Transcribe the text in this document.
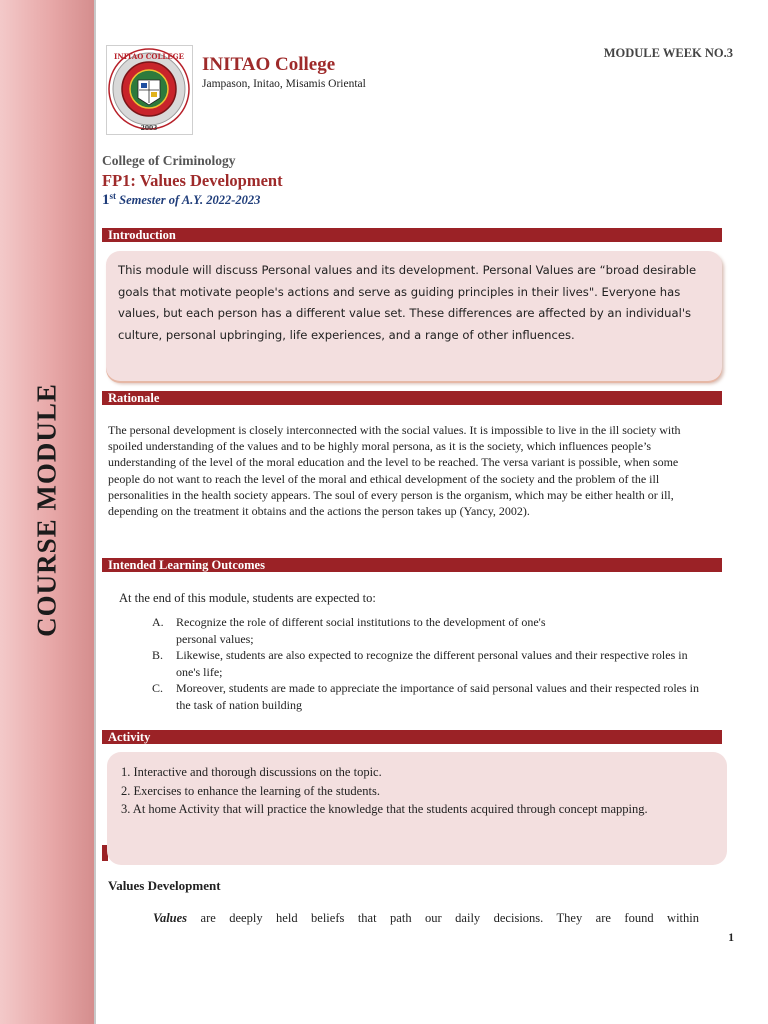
COURSE MODULE
INITAO COLLEGE
2003
INITAO College
Jampason, Initao, Misamis Oriental
MODULE WEEK NO.3
College of Criminology
FP1: Values Development
1st Semester of A.Y. 2022-2023
Introduction
This module will discuss Personal values and its development. Personal Values are “broad desirable goals that motivate people's actions and serve as guiding principles in their lives". Everyone has values, but each person has a different value set. These differences are affected by an individual's culture, personal upbringing, life experiences, and a range of other influences.
Rationale
The personal development is closely interconnected with the social values. It is impossible to live in the ill society with spoiled understanding of the values and to be highly moral persona, as it is the society, which influences people’s understanding of the level of the moral education and the level to be reached. The versa variant is possible, when some people do not want to reach the level of the moral and ethical development of the society and the problem of the ill personalities in the health society appears. The soul of every person is the organism, which may be either health or ill, depending on the treatment it obtains and the actions the person takes up (Yancy, 2002).
Intended Learning Outcomes
At the end of this module, students are expected to:
A. Recognize the role of different social institutions to the development of one's personal values;
B. Likewise, students are also expected to recognize the different personal values and their respective roles in one's life;
C. Moreover, students are made to appreciate the importance of said personal values and their respected roles in the task of nation building
Activity
1. Interactive and thorough discussions on the topic.
2. Exercises to enhance the learning of the students.
3. At home Activity that will practice the knowledge that the students acquired through concept mapping.
Values Development
Values are deeply held beliefs that path our daily decisions. They are found within
1
